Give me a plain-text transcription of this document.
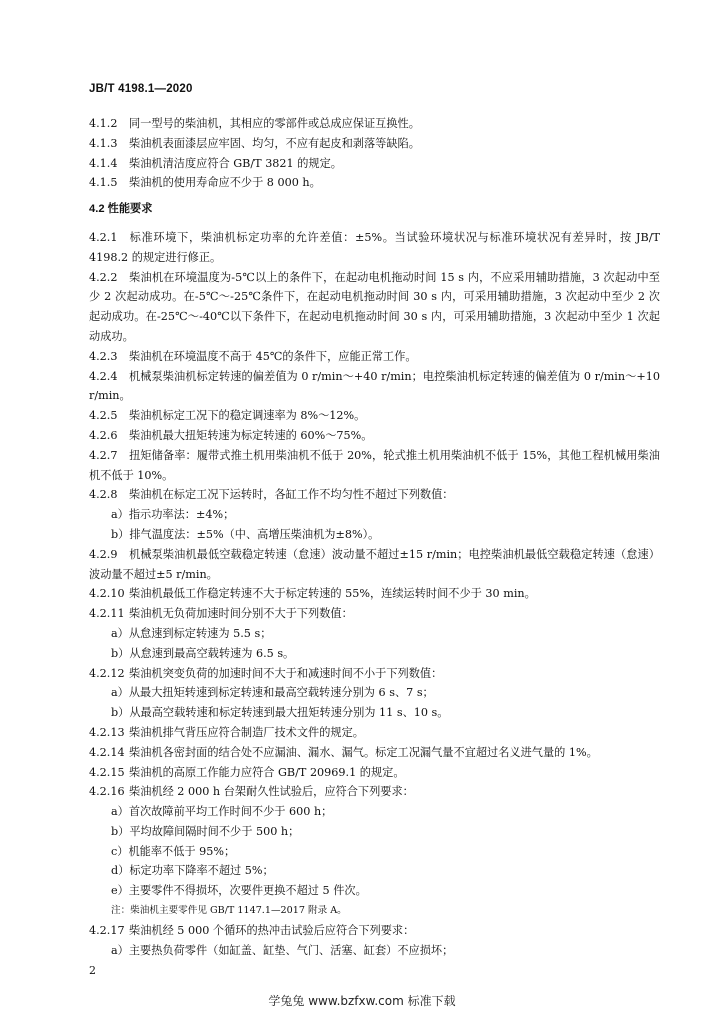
JB/T 4198.1—2020

4.1.2 同一型号的柴油机，其相应的零部件或总成应保证互换性。

4.1.3 柴油机表面漆层应牢固、均匀，不应有起皮和剥落等缺陷。

4.1.4 柴油机清洁度应符合 GB/T 3821 的规定。

4.1.5 柴油机的使用寿命应不少于 8 000 h。

4.2 性能要求

4.2.1 标准环境下，柴油机标定功率的允许差值：±5%。当试验环境状况与标准环境状况有差异时，按 JB/T 4198.2 的规定进行修正。

4.2.2 柴油机在环境温度为-5℃以上的条件下，在起动电机拖动时间 15 s 内，不应采用辅助措施，3 次起动中至少 2 次起动成功。在-5℃～-25℃条件下，在起动电机拖动时间 30 s 内，可采用辅助措施，3 次起动中至少 2 次起动成功。在-25℃～-40℃以下条件下，在起动电机拖动时间 30 s 内，可采用辅助措施，3 次起动中至少 1 次起动成功。

4.2.3 柴油机在环境温度不高于 45℃的条件下，应能正常工作。

4.2.4 机械泵柴油机标定转速的偏差值为 0 r/min～+40 r/min；电控柴油机标定转速的偏差值为 0 r/min～+10 r/min。

4.2.5 柴油机标定工况下的稳定调速率为 8%～12%。

4.2.6 柴油机最大扭矩转速为标定转速的 60%～75%。

4.2.7 扭矩储备率：履带式推土机用柴油机不低于 20%，轮式推土机用柴油机不低于 15%，其他工程机械用柴油机不低于 10%。

4.2.8 柴油机在标定工况下运转时，各缸工作不均匀性不超过下列数值：

a）指示功率法：±4%；

b）排气温度法：±5%（中、高增压柴油机为±8%）。

4.2.9 机械泵柴油机最低空载稳定转速（怠速）波动量不超过±15 r/min；电控柴油机最低空载稳定转速（怠速）波动量不超过±5 r/min。

4.2.10 柴油机最低工作稳定转速不大于标定转速的 55%，连续运转时间不少于 30 min。

4.2.11 柴油机无负荷加速时间分别不大于下列数值：

a）从怠速到标定转速为 5.5 s；

b）从怠速到最高空载转速为 6.5 s。

4.2.12 柴油机突变负荷的加速时间不大于和减速时间不小于下列数值：

a）从最大扭矩转速到标定转速和最高空载转速分别为 6 s、7 s；

b）从最高空载转速和标定转速到最大扭矩转速分别为 11 s、10 s。

4.2.13 柴油机排气背压应符合制造厂技术文件的规定。

4.2.14 柴油机各密封面的结合处不应漏油、漏水、漏气。标定工况漏气量不宜超过名义进气量的 1%。

4.2.15 柴油机的高原工作能力应符合 GB/T 20969.1 的规定。

4.2.16 柴油机经 2 000 h 台架耐久性试验后，应符合下列要求：

a）首次故障前平均工作时间不少于 600 h；

b）平均故障间隔时间不少于 500 h；

c）机能率不低于 95%；

d）标定功率下降率不超过 5%；

e）主要零件不得损坏，次要件更换不超过 5 件次。

注：柴油机主要零件见 GB/T 1147.1—2017 附录 A。

4.2.17 柴油机经 5 000 个循环的热冲击试验后应符合下列要求：

a）主要热负荷零件（如缸盖、缸垫、气门、活塞、缸套）不应损坏；

2
学兔兔 www.bzfxw.com 标准下载
